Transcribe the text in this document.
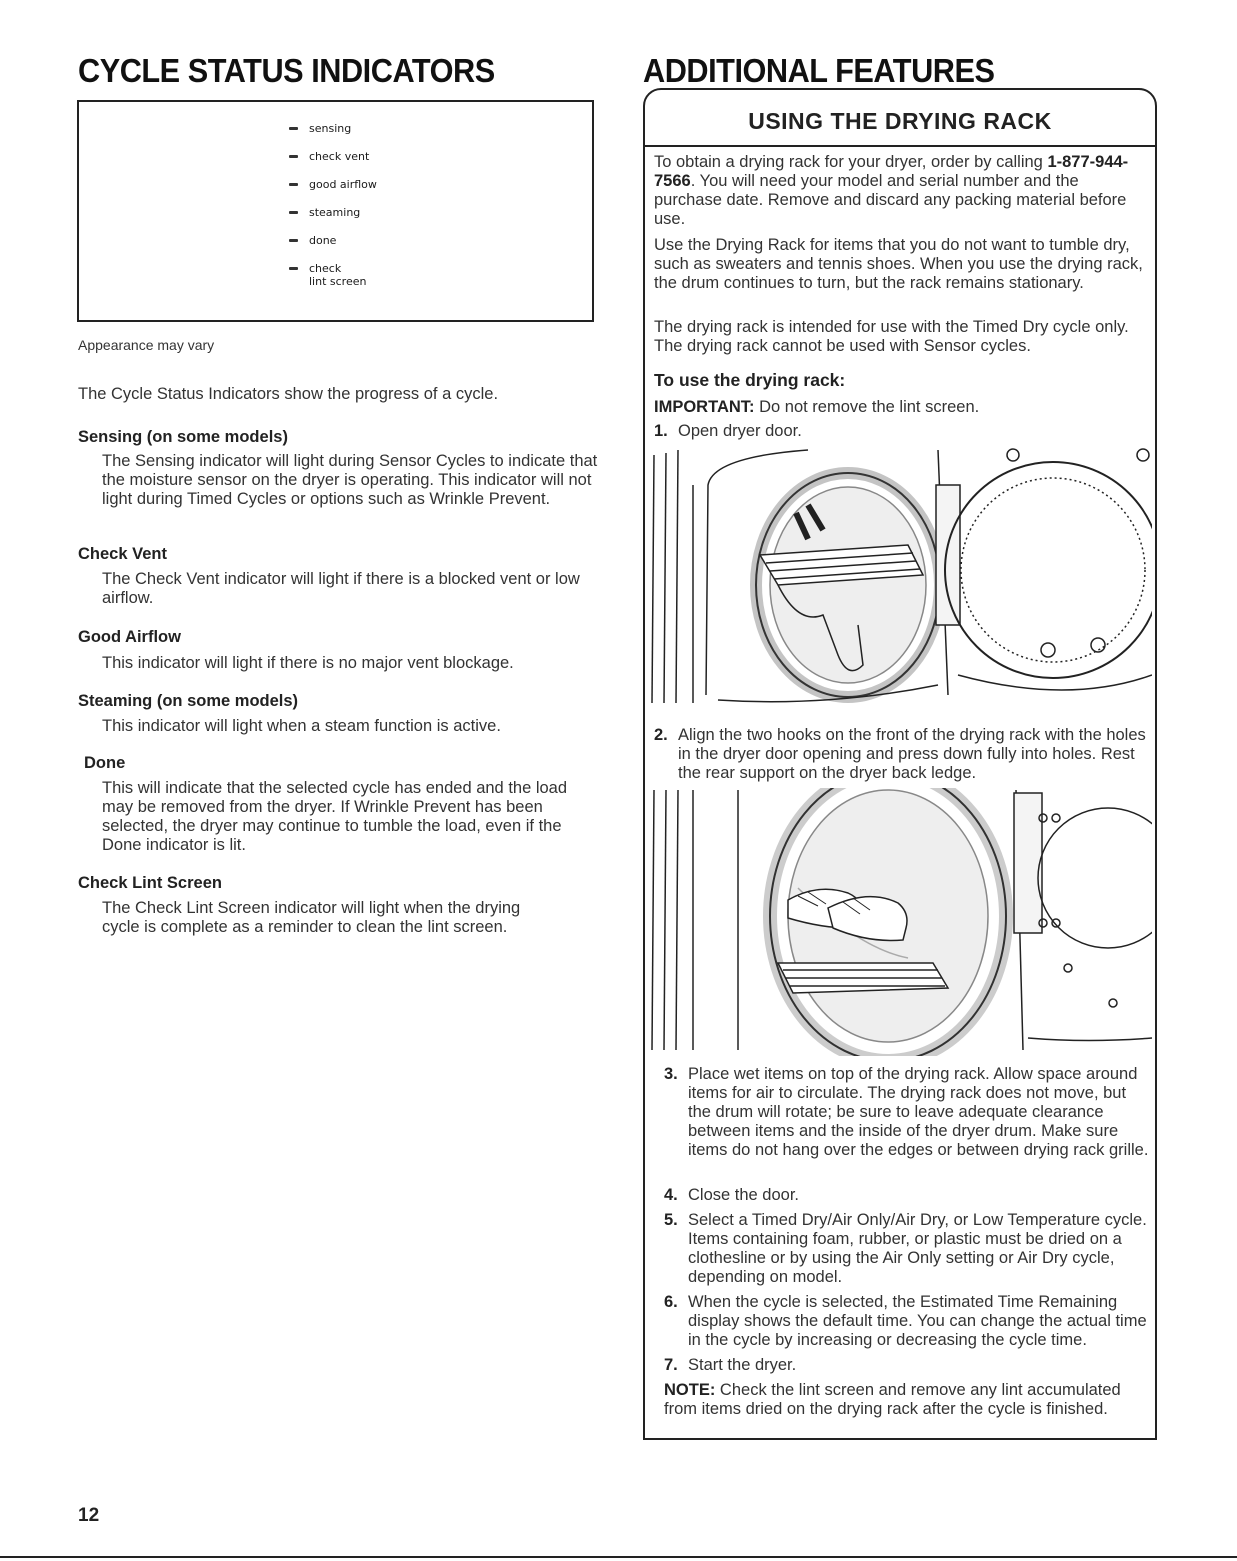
CYCLE STATUS INDICATORS
sensing
check vent
good airflow
steaming
done
check
lint screen
Appearance may vary
The Cycle Status Indicators show the progress of a cycle.
Sensing (on some models)
The Sensing indicator will light during Sensor Cycles to indicate that the moisture sensor on the dryer is operating. This indicator will not light during Timed Cycles or options such as Wrinkle Prevent.
Check Vent
The Check Vent indicator will light if there is a blocked vent or low airflow.
Good Airflow
This indicator will light if there is no major vent blockage.
Steaming (on some models)
This indicator will light when a steam function is active.
Done
This will indicate that the selected cycle has ended and the load may be removed from the dryer. If Wrinkle Prevent has been selected, the dryer may continue to tumble the load, even if the Done indicator is lit.
Check Lint Screen
The Check Lint Screen indicator will light when the drying cycle is complete as a reminder to clean the lint screen.
ADDITIONAL FEATURES
USING THE DRYING RACK
To obtain a drying rack for your dryer, order by calling 1-877-944-7566. You will need your model and serial number and the purchase date. Remove and discard any packing material before use.
Use the Drying Rack for items that you do not want to tumble dry, such as sweaters and tennis shoes. When you use the drying rack, the drum continues to turn, but the rack remains stationary.
The drying rack is intended for use with the Timed Dry cycle only. The drying rack cannot be used with Sensor cycles.
To use the drying rack:
IMPORTANT: Do not remove the lint screen.
1. Open dryer door.
2. Align the two hooks on the front of the drying rack with the holes in the dryer door opening and press down fully into holes. Rest the rear support on the dryer back ledge.
3. Place wet items on top of the drying rack. Allow space around items for air to circulate. The drying rack does not move, but the drum will rotate; be sure to leave adequate clearance between items and the inside of the dryer drum. Make sure items do not hang over the edges or between drying rack grille.
4. Close the door.
5. Select a Timed Dry/Air Only/Air Dry, or Low Temperature cycle. Items containing foam, rubber, or plastic must be dried on a clothesline or by using the Air Only setting or Air Dry cycle, depending on model.
6. When the cycle is selected, the Estimated Time Remaining display shows the default time. You can change the actual time in the cycle by increasing or decreasing the cycle time.
7. Start the dryer.
NOTE: Check the lint screen and remove any lint accumulated from items dried on the drying rack after the cycle is finished.
12
